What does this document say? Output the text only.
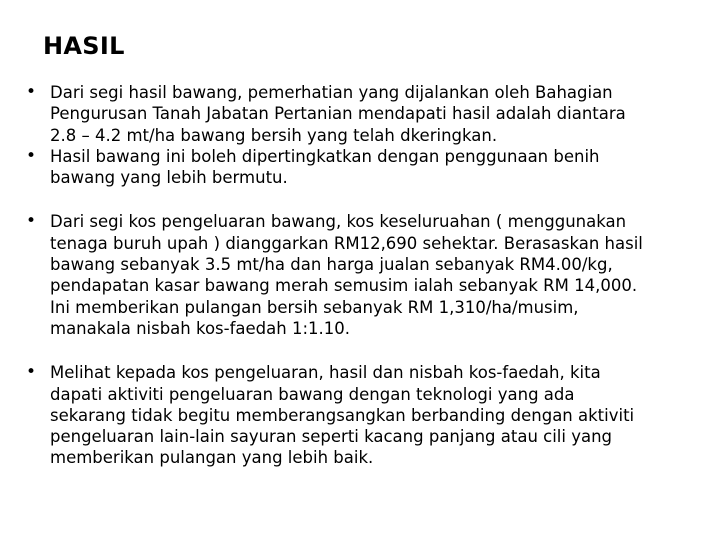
HASIL
• Dari segi hasil bawang, pemerhatian yang dijalankan oleh Bahagian
Pengurusan Tanah Jabatan Pertanian mendapati hasil adalah diantara
2.8 – 4.2 mt/ha bawang bersih yang telah dkeringkan.
• Hasil bawang ini boleh dipertingkatkan dengan penggunaan benih
bawang yang lebih bermutu.
• Dari segi kos pengeluaran bawang, kos keseluruahan ( menggunakan
tenaga buruh upah ) dianggarkan RM12,690 sehektar. Berasaskan hasil
bawang sebanyak 3.5 mt/ha dan harga jualan sebanyak RM4.00/kg,
pendapatan kasar bawang merah semusim ialah sebanyak RM 14,000.
Ini memberikan pulangan bersih sebanyak RM 1,310/ha/musim,
manakala nisbah kos-faedah 1:1.10.
• Melihat kepada kos pengeluaran, hasil dan nisbah kos-faedah, kita
dapati aktiviti pengeluaran bawang dengan teknologi yang ada
sekarang tidak begitu memberangsangkan berbanding dengan aktiviti
pengeluaran lain-lain sayuran seperti kacang panjang atau cili yang
memberikan pulangan yang lebih baik.
